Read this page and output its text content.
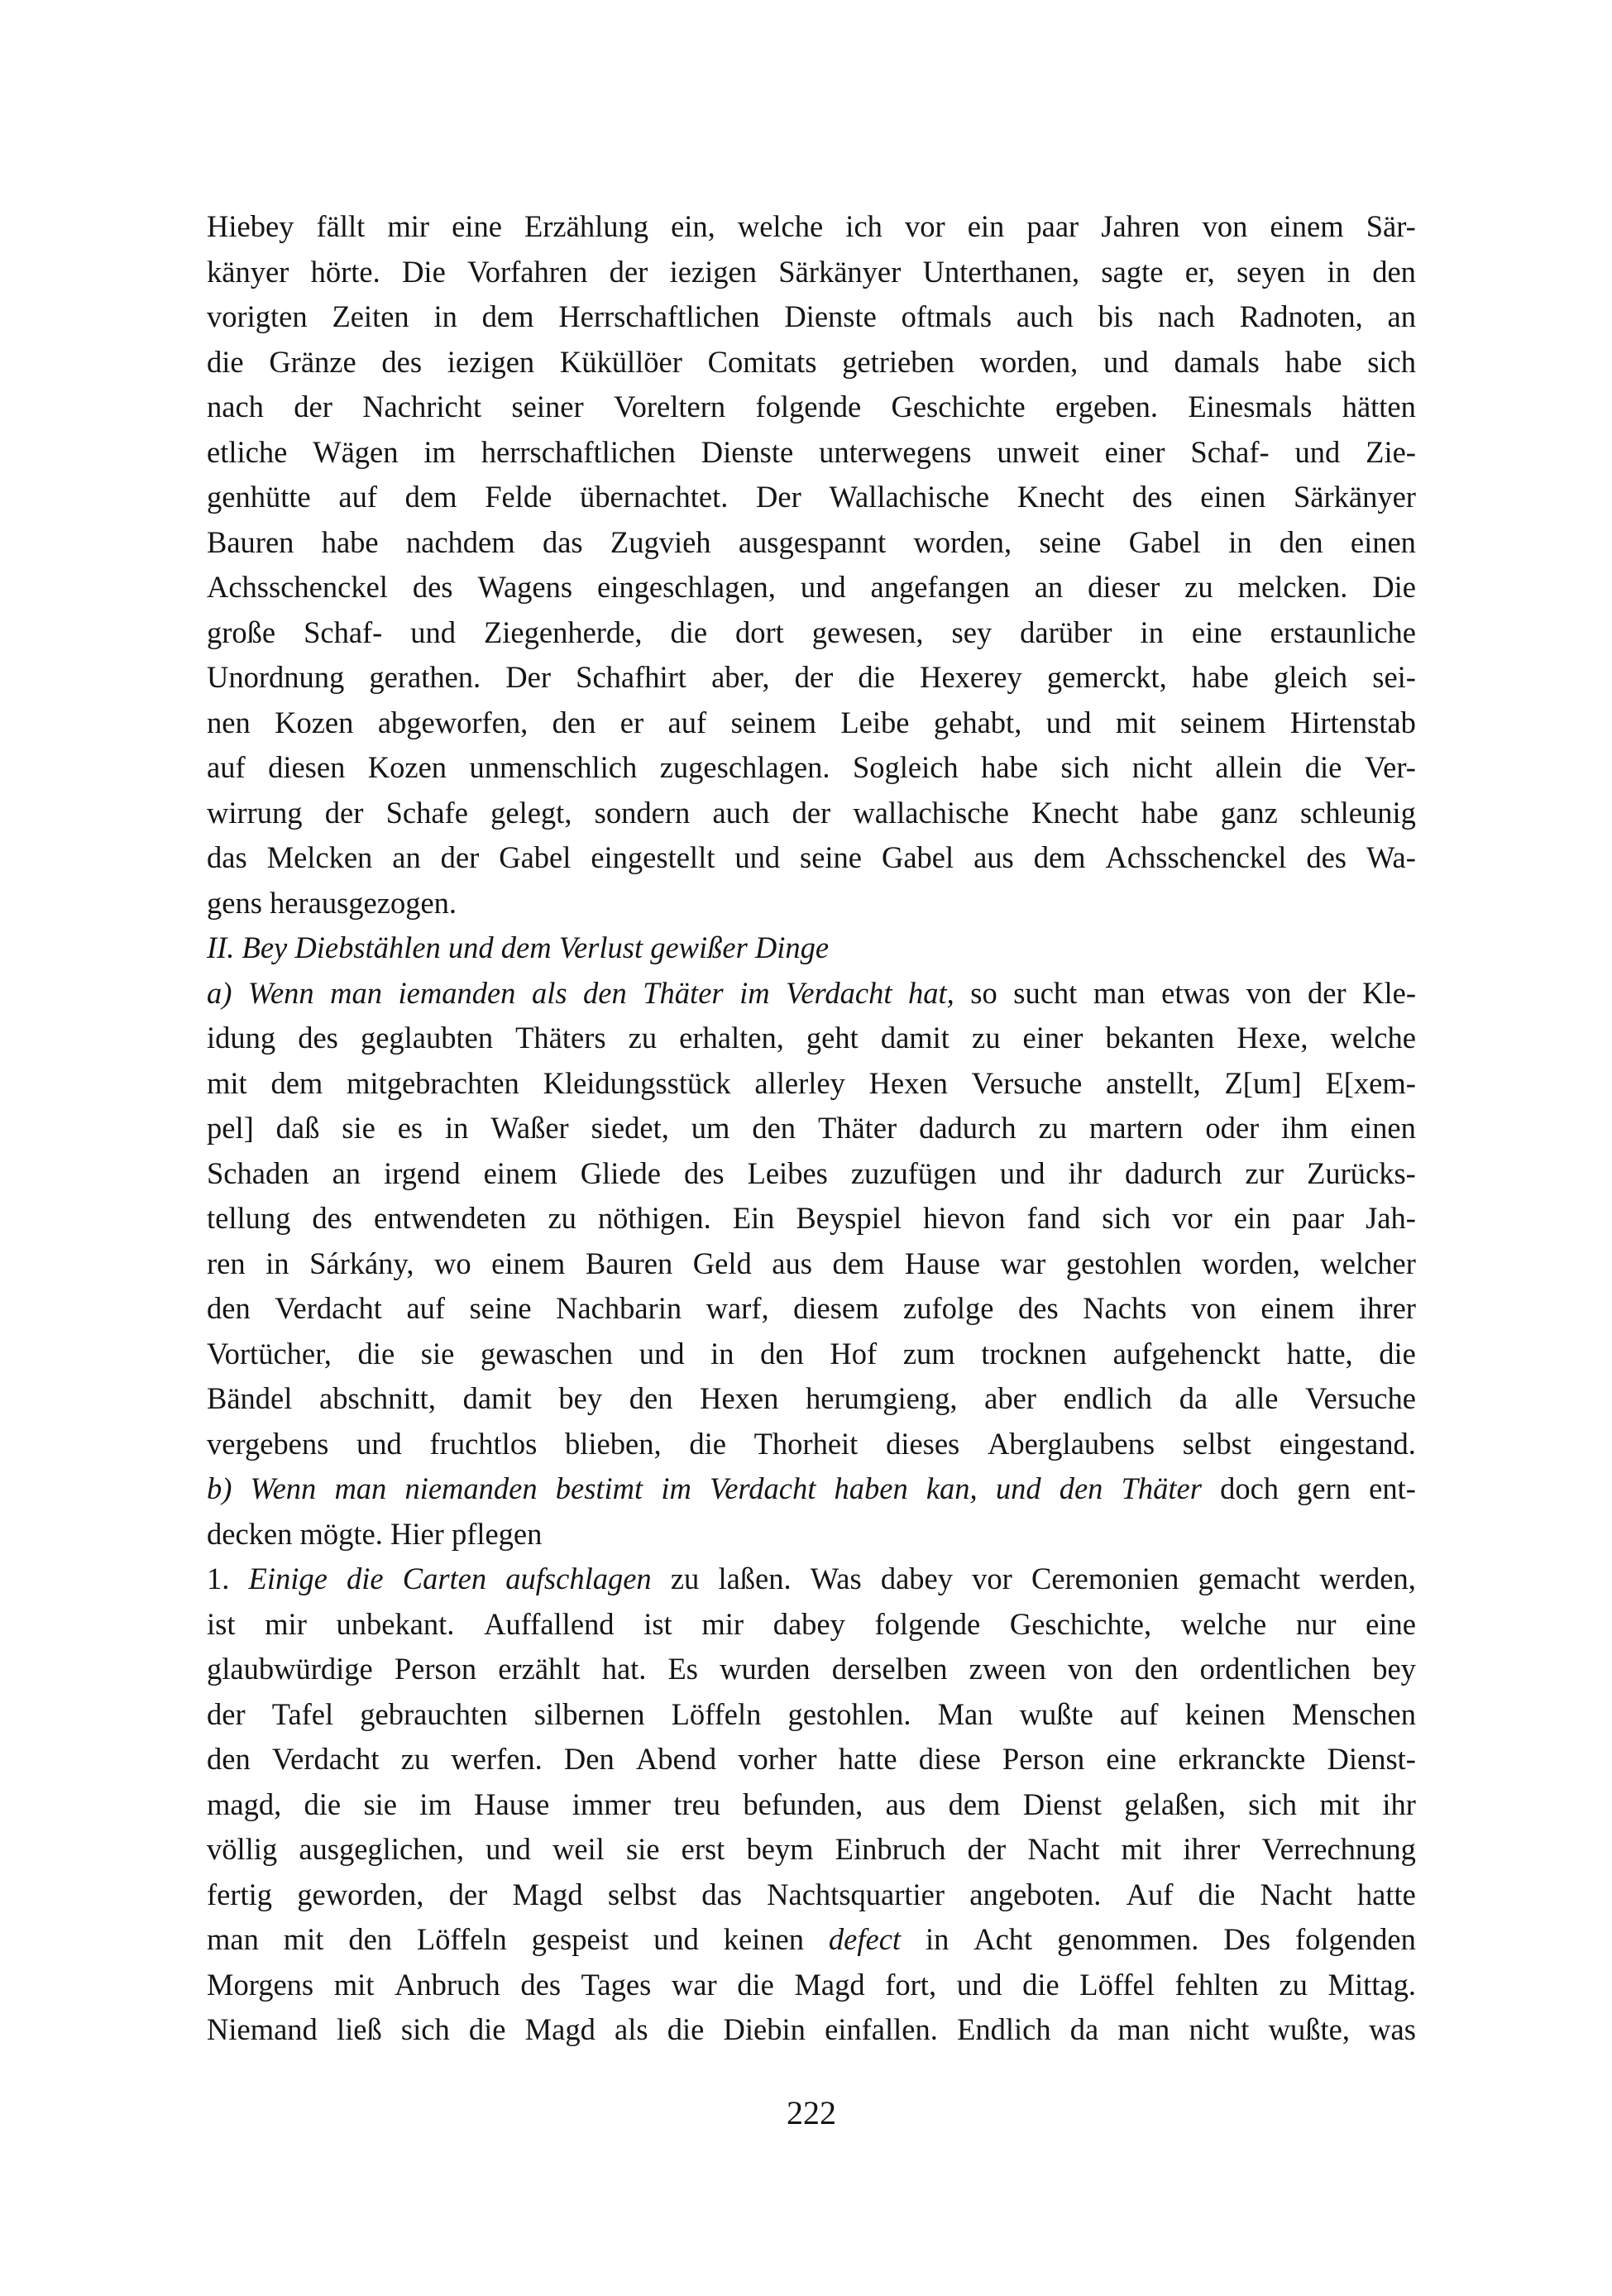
Hiebey fällt mir eine Erzählung ein, welche ich vor ein paar Jahren von einem Sär-
känyer hörte. Die Vorfahren der iezigen Särkänyer Unterthanen, sagte er, seyen in den
vorigten Zeiten in dem Herrschaftlichen Dienste oftmals auch bis nach Radnoten, an
die Gränze des iezigen Küküllöer Comitats getrieben worden, und damals habe sich
nach der Nachricht seiner Voreltern folgende Geschichte ergeben. Einesmals hätten
etliche Wägen im herrschaftlichen Dienste unterwegens unweit einer Schaf- und Zie-
genhütte auf dem Felde übernachtet. Der Wallachische Knecht des einen Särkänyer
Bauren habe nachdem das Zugvieh ausgespannt worden, seine Gabel in den einen
Achsschenckel des Wagens eingeschlagen, und angefangen an dieser zu melcken. Die
große Schaf- und Ziegenherde, die dort gewesen, sey darüber in eine erstaunliche
Unordnung gerathen. Der Schafhirt aber, der die Hexerey gemerckt, habe gleich sei-
nen Kozen abgeworfen, den er auf seinem Leibe gehabt, und mit seinem Hirtenstab
auf diesen Kozen unmenschlich zugeschlagen. Sogleich habe sich nicht allein die Ver-
wirrung der Schafe gelegt, sondern auch der wallachische Knecht habe ganz schleunig
das Melcken an der Gabel eingestellt und seine Gabel aus dem Achsschenckel des Wa-
gens herausgezogen.
II. Bey Diebstählen und dem Verlust gewißer Dinge
a) Wenn man iemanden als den Thäter im Verdacht hat, so sucht man etwas von der Kle-
idung des geglaubten Thäters zu erhalten, geht damit zu einer bekanten Hexe, welche
mit dem mitgebrachten Kleidungsstück allerley Hexen Versuche anstellt, Z[um] E[xem-
pel] daß sie es in Waßer siedet, um den Thäter dadurch zu martern oder ihm einen
Schaden an irgend einem Gliede des Leibes zuzufügen und ihr dadurch zur Zurücks-
tellung des entwendeten zu nöthigen. Ein Beyspiel hievon fand sich vor ein paar Jah-
ren in Sárkány, wo einem Bauren Geld aus dem Hause war gestohlen worden, welcher
den Verdacht auf seine Nachbarin warf, diesem zufolge des Nachts von einem ihrer
Vortücher, die sie gewaschen und in den Hof zum trocknen aufgehenckt hatte, die
Bändel abschnitt, damit bey den Hexen herumgieng, aber endlich da alle Versuche
vergebens und fruchtlos blieben, die Thorheit dieses Aberglaubens selbst eingestand.
b) Wenn man niemanden bestimt im Verdacht haben kan, und den Thäter doch gern ent-
decken mögte. Hier pflegen
1. Einige die Carten aufschlagen zu laßen. Was dabey vor Ceremonien gemacht werden,
ist mir unbekant. Auffallend ist mir dabey folgende Geschichte, welche nur eine
glaubwürdige Person erzählt hat. Es wurden derselben zween von den ordentlichen bey
der Tafel gebrauchten silbernen Löffeln gestohlen. Man wußte auf keinen Menschen
den Verdacht zu werfen. Den Abend vorher hatte diese Person eine erkranckte Dienst-
magd, die sie im Hause immer treu befunden, aus dem Dienst gelaßen, sich mit ihr
völlig ausgeglichen, und weil sie erst beym Einbruch der Nacht mit ihrer Verrechnung
fertig geworden, der Magd selbst das Nachtsquartier angeboten. Auf die Nacht hatte
man mit den Löffeln gespeist und keinen defect in Acht genommen. Des folgenden
Morgens mit Anbruch des Tages war die Magd fort, und die Löffel fehlten zu Mittag.
Niemand ließ sich die Magd als die Diebin einfallen. Endlich da man nicht wußte, was
222
